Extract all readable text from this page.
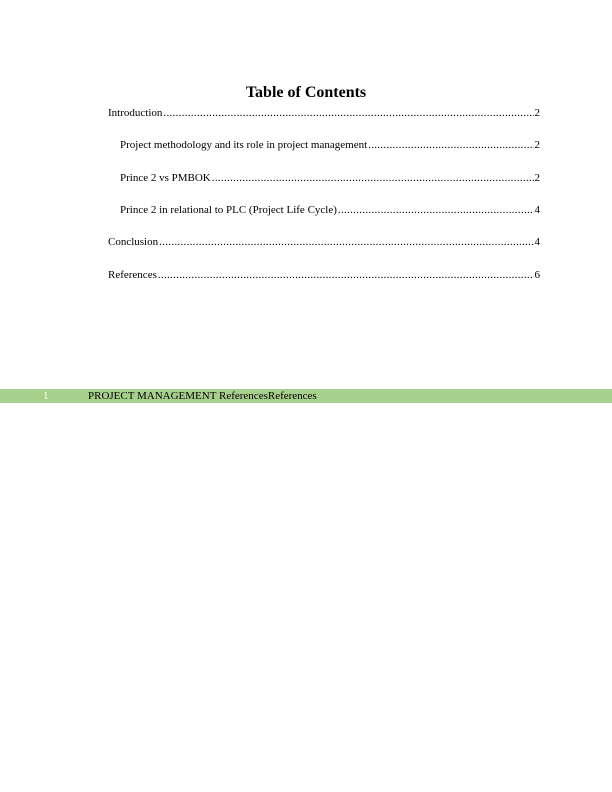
Table of Contents
Introduction .....	2
Project methodology and its role in project management .....	2
Prince 2 vs PMBOK .....	2
Prince 2 in relational to PLC (Project Life Cycle) .....	4
Conclusion .....	4
References .....	6
1	PROJECT MANAGEMENT ReferencesReferences
